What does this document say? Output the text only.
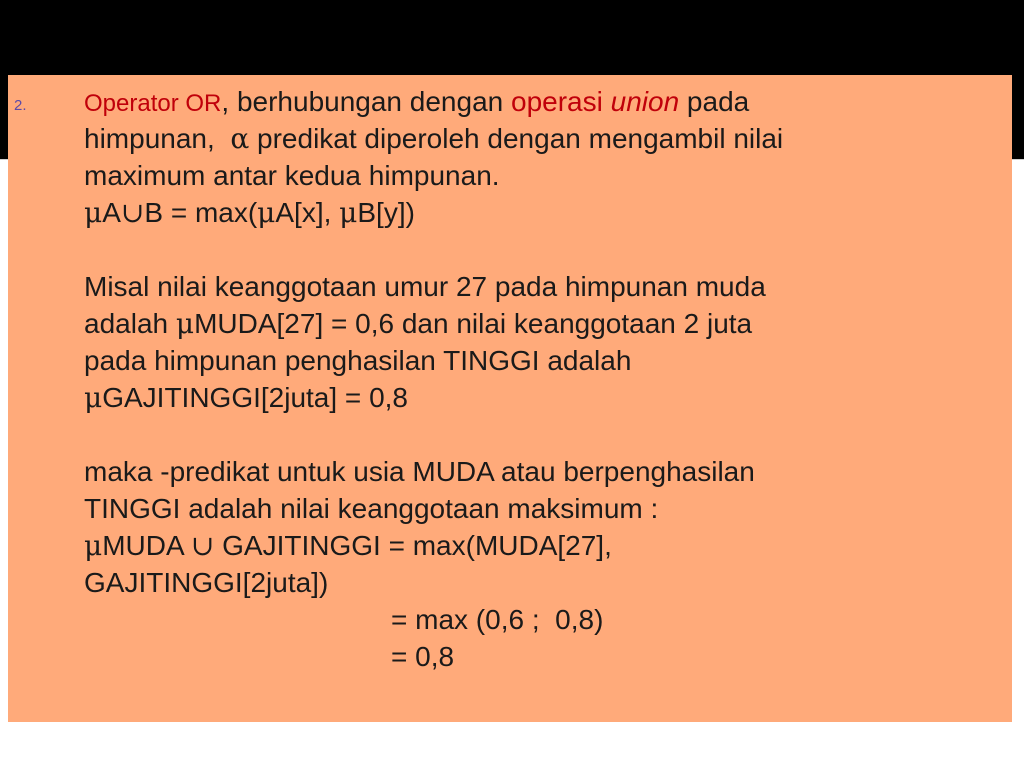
2. Operator OR, berhubungan dengan operasi union pada
himpunan,  α predikat diperoleh dengan mengambil nilai
maximum antar kedua himpunan.
μA∪B = max(μA[x], μB[y])
Misal nilai keanggotaan umur 27 pada himpunan muda
adalah μMUDA[27] = 0,6 dan nilai keanggotaan 2 juta
pada himpunan penghasilan TINGGI adalah
μGAJITINGGI[2juta] = 0,8
maka -predikat untuk usia MUDA atau berpenghasilan
TINGGI adalah nilai keanggotaan maksimum :
μMUDA ∪ GAJITINGGI = max(MUDA[27],
GAJITINGGI[2juta])
= max (0,6 ;  0,8)
= 0,8
